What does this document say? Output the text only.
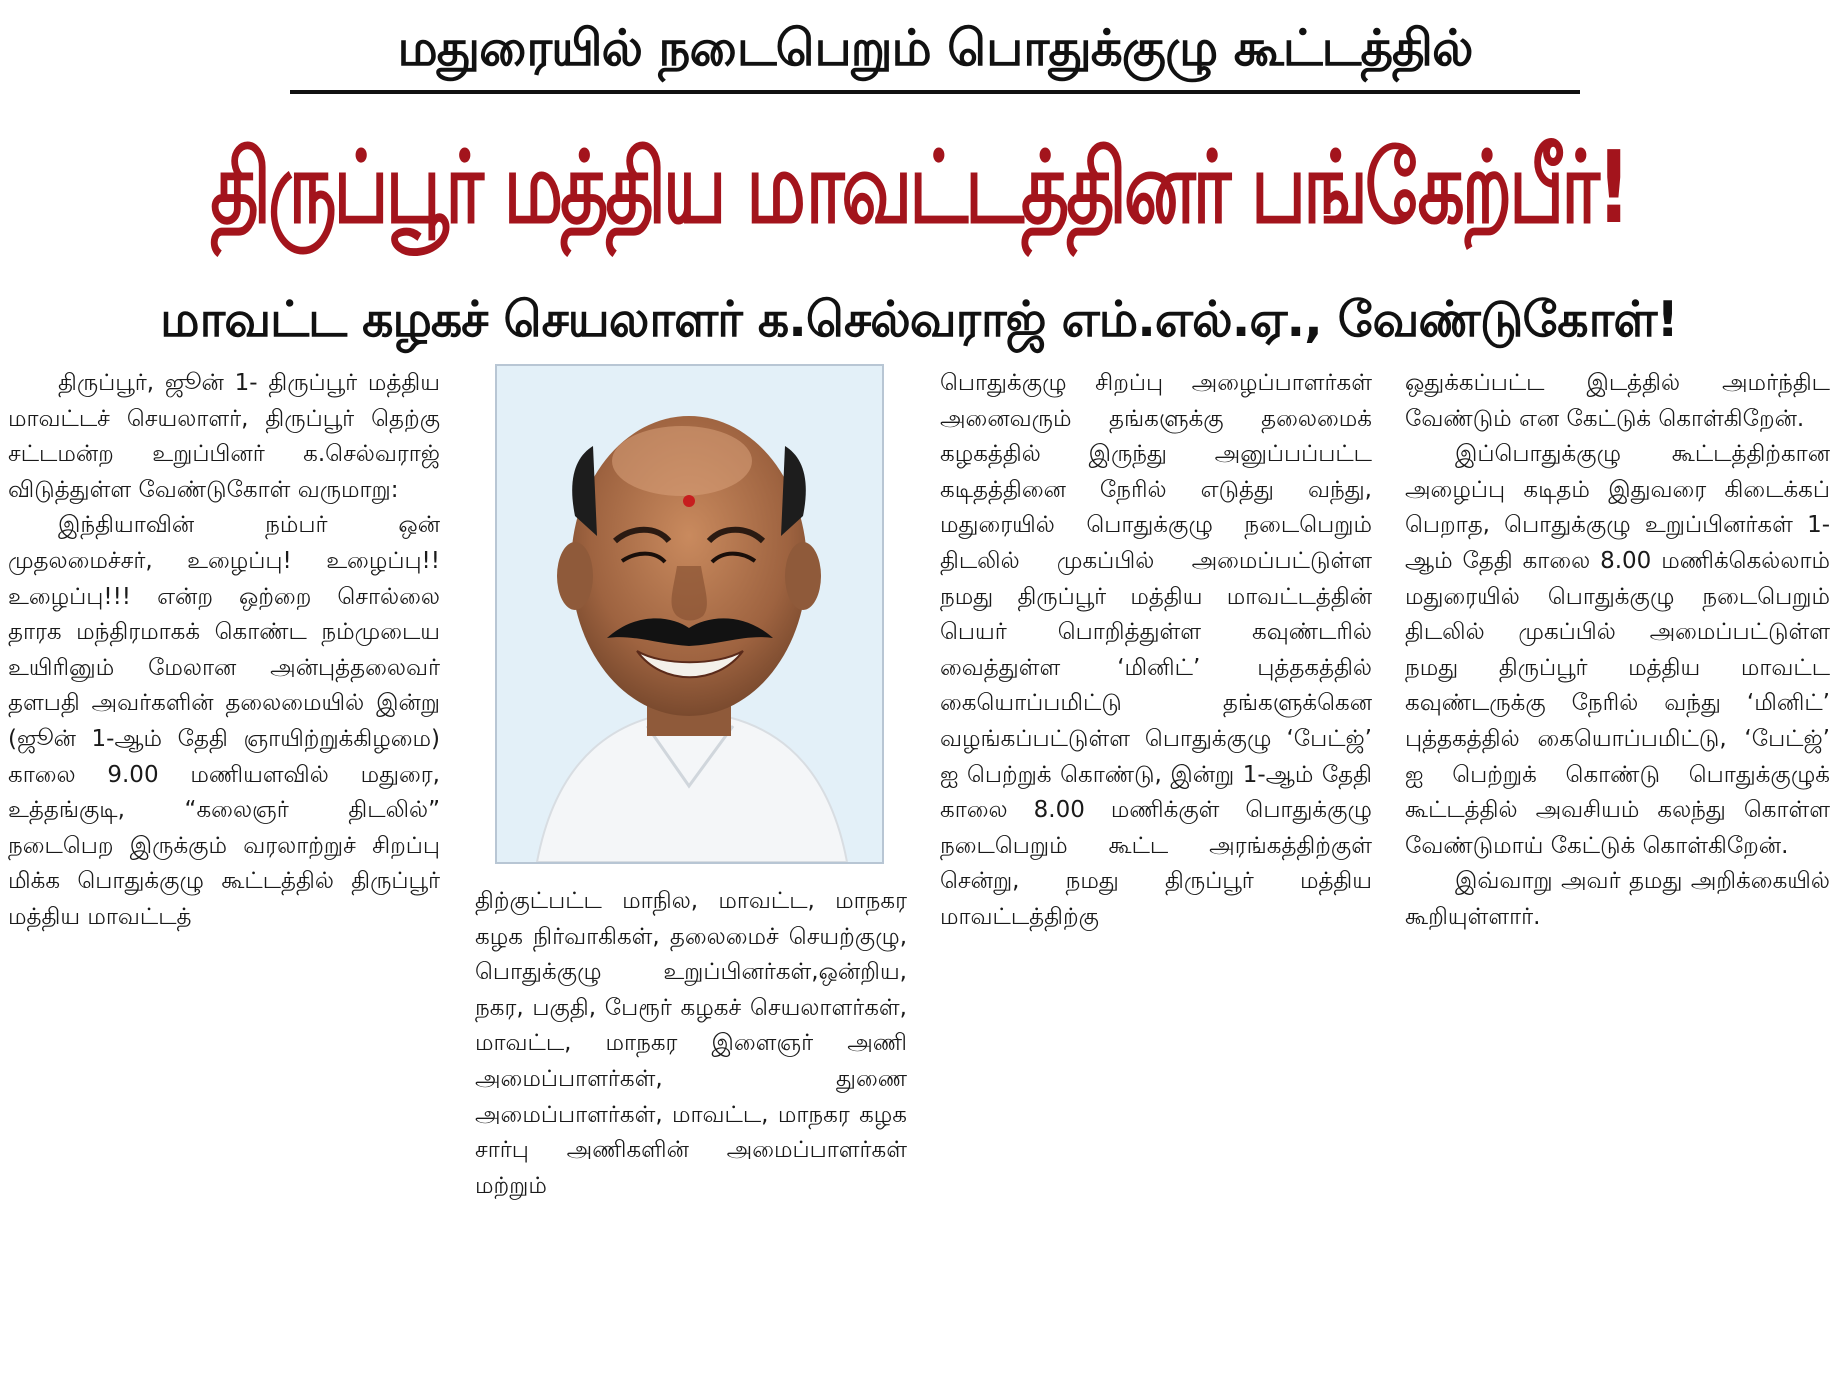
மதுரையில் நடைபெறும் பொதுக்குழு கூட்டத்தில்
திருப்பூர் மத்திய மாவட்டத்தினர் பங்கேற்பீர்!
மாவட்ட கழகச் செயலாளர் க.செல்வராஜ் எம்.எல்.ஏ., வேண்டுகோள்!

திருப்பூர், ஜூன் 1- திருப்பூர் மத்திய மாவட்டச் செயலாளர், திருப்பூர் தெற்கு சட்டமன்ற உறுப்பினர் க.செல்வராஜ் விடுத்துள்ள வேண்டுகோள் வருமாறு:

இந்தியாவின் நம்பர் ஒன் முதலமைச்சர், உழைப்பு! உழைப்பு!! உழைப்பு!!! என்ற ஒற்றை சொல்லை தாரக மந்திரமாகக் கொண்ட நம்முடைய உயிரினும் மேலான அன்புத்தலைவர் தளபதி அவர்களின் தலைமையில் இன்று (ஜூன் 1-ஆம் தேதி ஞாயிற்றுக்கிழமை) காலை 9.00 மணியளவில் மதுரை, உத்தங்குடி, “கலைஞர் திடலில்” நடைபெற இருக்கும் வரலாற்றுச் சிறப்பு மிக்க பொதுக்குழு கூட்டத்தில் திருப்பூர் மத்திய மாவட்டத்

திற்குட்பட்ட மாநில, மாவட்ட, மாநகர கழக நிர்வாகிகள், தலைமைச் செயற்குழு, பொதுக்குழு உறுப்பினர்கள்,ஒன்றிய, நகர, பகுதி, பேரூர் கழகச் செயலாளர்கள், மாவட்ட, மாநகர இளைஞர் அணி அமைப்பாளர்கள், துணை அமைப்பாளர்கள், மாவட்ட, மாநகர கழக சார்பு அணிகளின் அமைப்பாளர்கள் மற்றும்

பொதுக்குழு சிறப்பு அழைப்பாளர்கள் அனைவரும் தங்களுக்கு தலைமைக் கழகத்தில் இருந்து அனுப்பப்பட்ட கடிதத்தினை நேரில் எடுத்து வந்து, மதுரையில் பொதுக்குழு நடைபெறும் திடலில் முகப்பில் அமைப்பட்டுள்ள நமது திருப்பூர் மத்திய மாவட்டத்தின் பெயர் பொறித்துள்ள கவுண்டரில் வைத்துள்ள ‘மினிட்’ புத்தகத்தில் கையொப்பமிட்டு தங்களுக்கென வழங்கப்பட்டுள்ள பொதுக்குழு ‘பேட்ஜ்’ ஐ பெற்றுக் கொண்டு, இன்று 1-ஆம் தேதி காலை 8.00 மணிக்குள் பொதுக்குழு நடைபெறும் கூட்ட அரங்கத்திற்குள் சென்று, நமது திருப்பூர் மத்திய மாவட்டத்திற்கு

ஒதுக்கப்பட்ட இடத்தில் அமர்ந்திட வேண்டும் என கேட்டுக் கொள்கிறேன்.

இப்பொதுக்குழு கூட்டத்திற்கான அழைப்பு கடிதம் இதுவரை கிடைக்கப் பெறாத, பொதுக்குழு உறுப்பினர்கள் 1-ஆம் தேதி காலை 8.00 மணிக்கெல்லாம் மதுரையில் பொதுக்குழு நடைபெறும் திடலில் முகப்பில் அமைப்பட்டுள்ள நமது திருப்பூர் மத்திய மாவட்ட கவுண்டருக்கு நேரில் வந்து ‘மினிட்’ புத்தகத்தில் கையொப்பமிட்டு, ‘பேட்ஜ்’ ஐ பெற்றுக் கொண்டு பொதுக்குழுக் கூட்டத்தில் அவசியம் கலந்து கொள்ள வேண்டுமாய் கேட்டுக் கொள்கிறேன்.

இவ்வாறு அவர் தமது அறிக்கையில் கூறியுள்ளார்.
